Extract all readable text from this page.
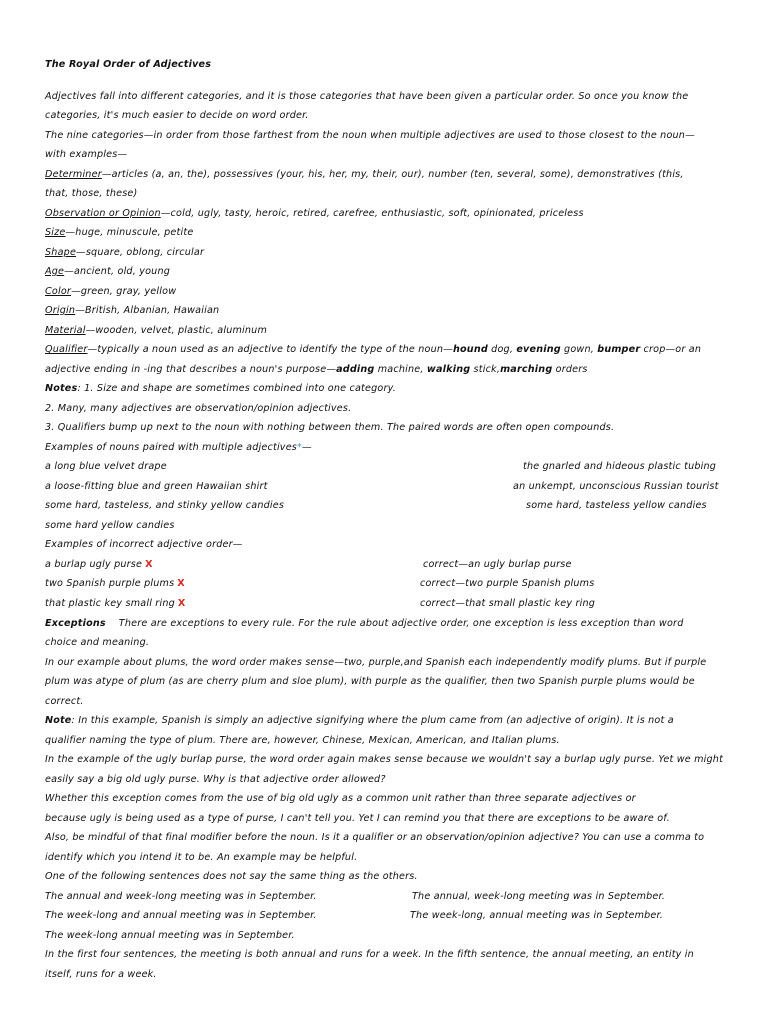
The Royal Order of Adjectives
Adjectives fall into different categories, and it is those categories that have been given a particular order. So once you know the
categories, it's much easier to decide on word order.
The nine categories—in order from those farthest from the noun when multiple adjectives are used to those closest to the noun—
with examples—
Determiner—articles (a, an, the), possessives (your, his, her, my, their, our), number (ten, several, some), demonstratives (this,
that, those, these)
Observation or Opinion—cold, ugly, tasty, heroic, retired, carefree, enthusiastic, soft, opinionated, priceless
Size—huge, minuscule, petite
Shape—square, oblong, circular
Age—ancient, old, young
Color—green, gray, yellow
Origin—British, Albanian, Hawaiian
Material—wooden, velvet, plastic, aluminum
Qualifier—typically a noun used as an adjective to identify the type of the noun—hound dog, evening gown, bumper crop—or an
adjective ending in -ing that describes a noun's purpose—adding machine, walking stick,marching orders
Notes: 1. Size and shape are sometimes combined into one category.
2. Many, many adjectives are observation/opinion adjectives.
3. Qualifiers bump up next to the noun with nothing between them. The paired words are often open compounds.
Examples of nouns paired with multiple adjectives*—
a long blue velvet drape	the gnarled and hideous plastic tubing
a loose-fitting blue and green Hawaiian shirt	an unkempt, unconscious Russian tourist
some hard, tasteless, and stinky yellow candies	some hard, tasteless yellow candies
some hard yellow candies
Examples of incorrect adjective order—
a burlap ugly purse X	correct—an ugly burlap purse
two Spanish purple plums X	correct—two purple Spanish plums
that plastic key small ring X	correct—that small plastic key ring
Exceptions    There are exceptions to every rule. For the rule about adjective order, one exception is less exception than word
choice and meaning.
In our example about plums, the word order makes sense—two, purple,and Spanish each independently modify plums. But if purple
plum was atype of plum (as are cherry plum and sloe plum), with purple as the qualifier, then two Spanish purple plums would be
correct.
Note: In this example, Spanish is simply an adjective signifying where the plum came from (an adjective of origin). It is not a
qualifier naming the type of plum. There are, however, Chinese, Mexican, American, and Italian plums.
In the example of the ugly burlap purse, the word order again makes sense because we wouldn't say a burlap ugly purse. Yet we might
easily say a big old ugly purse. Why is that adjective order allowed?
Whether this exception comes from the use of big old ugly as a common unit rather than three separate adjectives or
because ugly is being used as a type of purse, I can't tell you. Yet I can remind you that there are exceptions to be aware of.
Also, be mindful of that final modifier before the noun. Is it a qualifier or an observation/opinion adjective? You can use a comma to
identify which you intend it to be. An example may be helpful.
One of the following sentences does not say the same thing as the others.
The annual and week-long meeting was in September.	The annual, week-long meeting was in September.
The week-long and annual meeting was in September.	The week-long, annual meeting was in September.
The week-long annual meeting was in September.
In the first four sentences, the meeting is both annual and runs for a week. In the fifth sentence, the annual meeting, an entity in
itself, runs for a week.
